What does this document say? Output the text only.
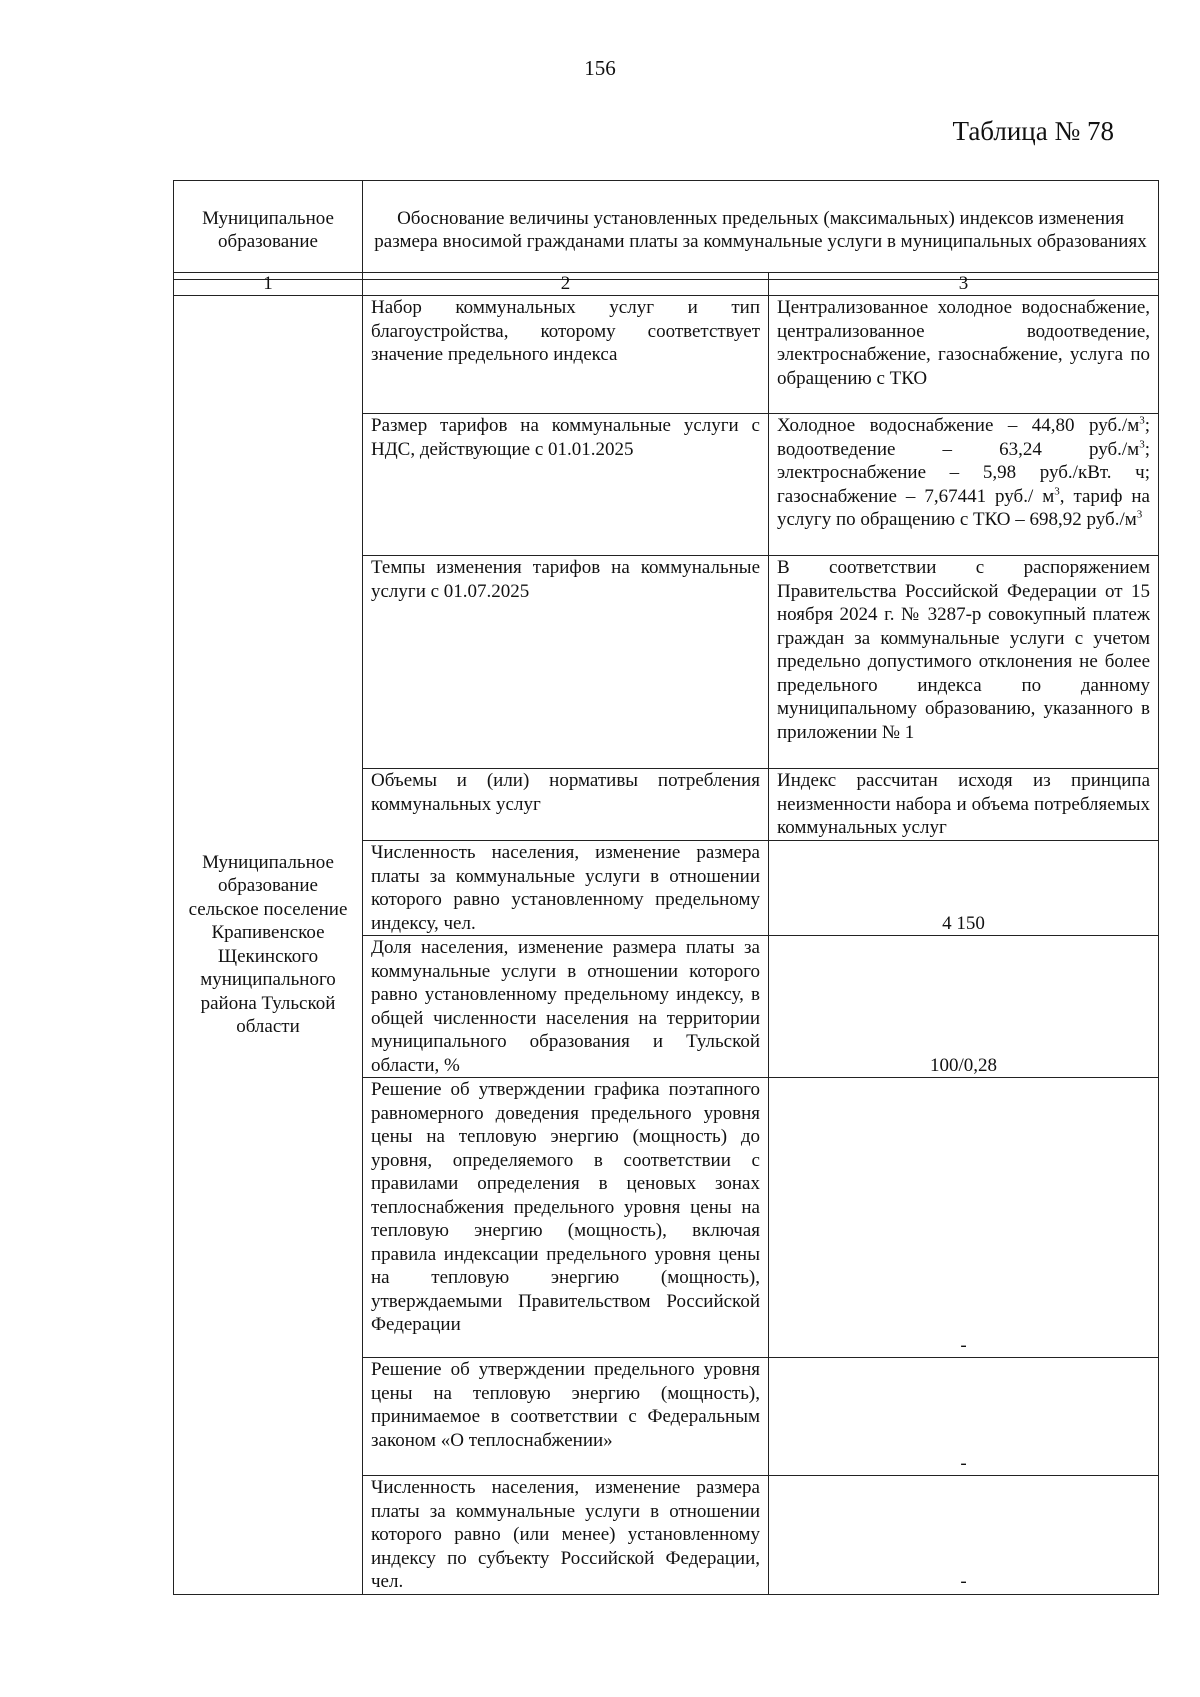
156
Таблица № 78
Муниципальное образование	Обоснование величины установленных предельных (максимальных) индексов изменения размера вносимой гражданами платы за коммунальные услуги в муниципальных образованиях
1	2	3
Муниципальное образование сельское поселение Крапивенское Щекинского муниципального района Тульской области	Набор коммунальных услуг и тип благоустройства, которому соответствует значение предельного индекса	Централизованное холодное водоснабжение, централизованное водоотведение, электроснабжение, газоснабжение, услуга по обращению с ТКО
	Размер тарифов на коммунальные услуги с НДС, действующие с 01.01.2025	Холодное водоснабжение – 44,80 $руб./м^3$; водоотведение – 63,24 $руб./м^3$; электроснабжение – 5,98 руб./кВт. ч; газоснабжение – 7,67441 руб./ $м^3$, тариф на услугу по обращению с ТКО – 698,92 $руб./м^3$
	Темпы изменения тарифов на коммунальные услуги с 01.07.2025	В соответствии с распоряжением Правительства Российской Федерации от 15 ноября 2024 г. № 3287-р совокупный платеж граждан за коммунальные услуги с учетом предельно допустимого отклонения не более предельного индекса по данному муниципальному образованию, указанного в приложении № 1
	Объемы и (или) нормативы потребления коммунальных услуг	Индекс рассчитан исходя из принципа неизменности набора и объема потребляемых коммунальных услуг
	Численность населения, изменение размера платы за коммунальные услуги в отношении которого равно установленному предельному индексу, чел.	4 150
	Доля населения, изменение размера платы за коммунальные услуги в отношении которого равно установленному предельному индексу, в общей численности населения на территории муниципального образования и Тульской области, %	100/0,28
	Решение об утверждении графика поэтапного равномерного доведения предельного уровня цены на тепловую энергию (мощность) до уровня, определяемого в соответствии с правилами определения в ценовых зонах теплоснабжения предельного уровня цены на тепловую энергию (мощность), включая правила индексации предельного уровня цены на тепловую энергию (мощность), утверждаемыми Правительством Российской Федерации	-
	Решение об утверждении предельного уровня цены на тепловую энергию (мощность), принимаемое в соответствии с Федеральным законом «О теплоснабжении»	-
	Численность населения, изменение размера платы за коммунальные услуги в отношении которого равно (или менее) установленному индексу по субъекту Российской Федерации, чел.	-
